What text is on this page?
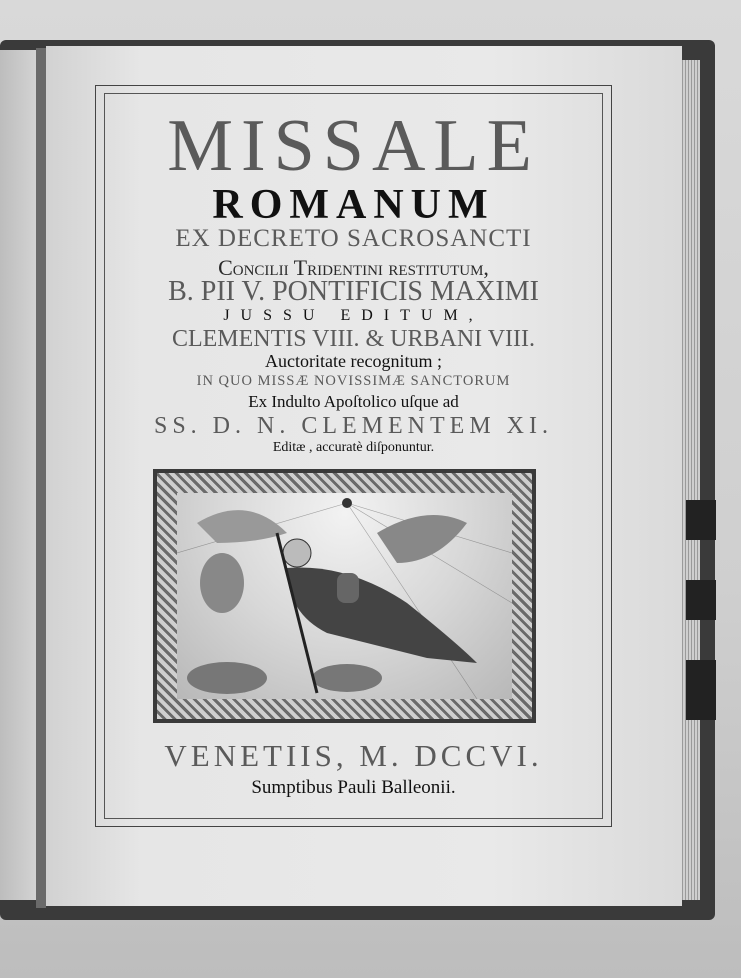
MISSALE
ROMANUM
EX DECRETO SACROSANCTI
Concilii Tridentini reſtitutum,
B. PII V. PONTIFICIS MAXIMI
JUSSU EDITUM,
CLEMENTIS VIII. & URBANI VIII.
Auctoritate recognitum ;
IN QUO MISSÆ NOVISSIMÆ SANCTORUM
Ex Indulto Apoſtolico uſque ad
SS. D. N. CLEMENTEM XI.
Editæ , accuratè diſponuntur.
VENETIIS, M. DCCVI.
Sumptibus Pauli Balleonii.
